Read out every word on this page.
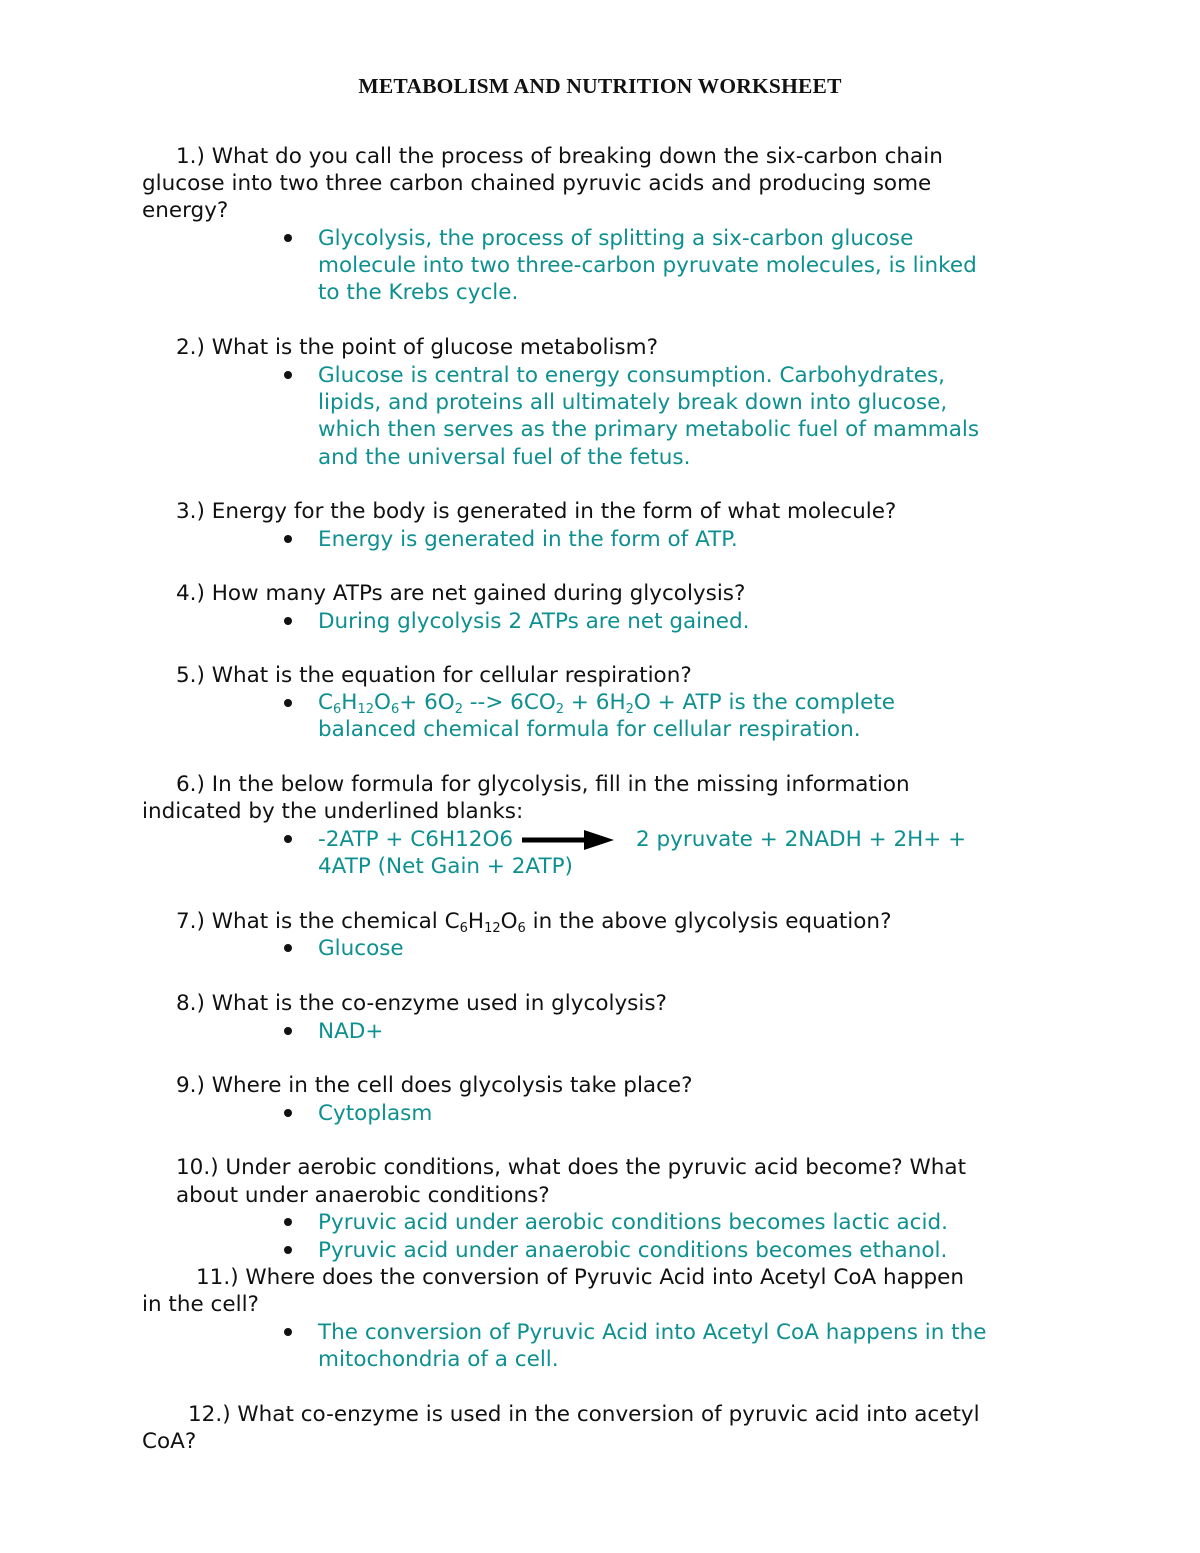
METABOLISM AND NUTRITION WORKSHEET
1.) What do you call the process of breaking down the six-carbon chain
glucose into two three carbon chained pyruvic acids and producing some
energy?
Glycolysis, the process of splitting a six-carbon glucose
molecule into two three-carbon pyruvate molecules, is linked
to the Krebs cycle.
2.) What is the point of glucose metabolism?
Glucose is central to energy consumption. Carbohydrates,
lipids, and proteins all ultimately break down into glucose,
which then serves as the primary metabolic fuel of mammals
and the universal fuel of the fetus.
3.) Energy for the body is generated in the form of what molecule?
Energy is generated in the form of ATP.
4.) How many ATPs are net gained during glycolysis?
During glycolysis 2 ATPs are net gained.
5.) What is the equation for cellular respiration?
$C_6H_{12}O_6+ 6O_2$ --> $6CO_2 + 6H_2O$ + ATP is the complete
balanced chemical formula for cellular respiration.
6.) In the below formula for glycolysis, fill in the missing information
indicated by the underlined blanks:
-2ATP + C6H12O6	2 pyruvate + 2NADH + 2H+ +
4ATP (Net Gain + 2ATP)
7.) What is the chemical $C_6H_{12}O_6$ in the above glycolysis equation?
Glucose
8.) What is the co-enzyme used in glycolysis?
NAD+
9.) Where in the cell does glycolysis take place?
Cytoplasm
10.) Under aerobic conditions, what does the pyruvic acid become? What
about under anaerobic conditions?
Pyruvic acid under aerobic conditions becomes lactic acid.
Pyruvic acid under anaerobic conditions becomes ethanol.
11.) Where does the conversion of Pyruvic Acid into Acetyl CoA happen
in the cell?
The conversion of Pyruvic Acid into Acetyl CoA happens in the
mitochondria of a cell.
12.) What co-enzyme is used in the conversion of pyruvic acid into acetyl
CoA?
